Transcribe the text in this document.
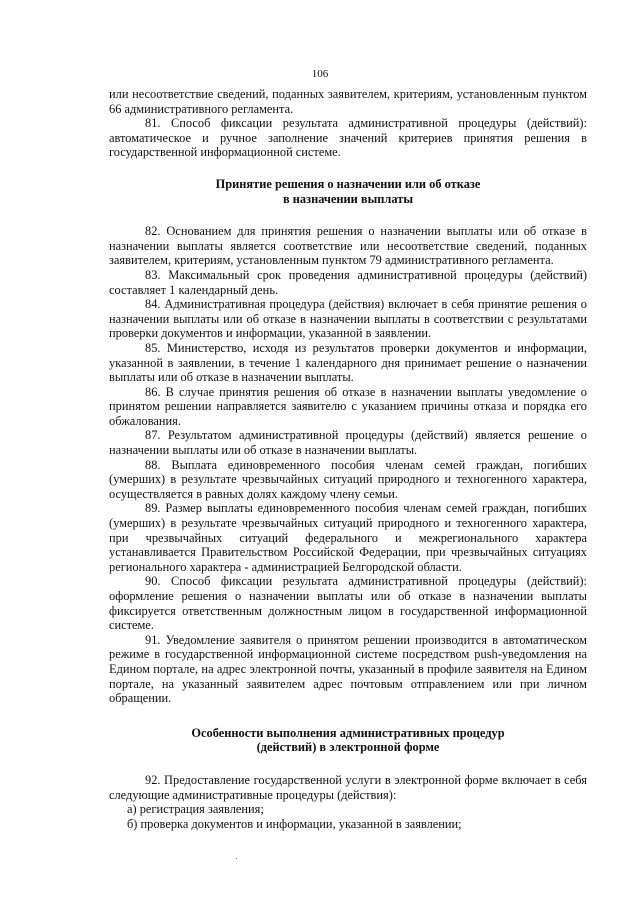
106

или несоответствие сведений, поданных заявителем, критериям, установленным пунктом 66 административного регламента.

81. Способ фиксации результата административной процедуры (действий): автоматическое и ручное заполнение значений критериев принятия решения в государственной информационной системе.

Принятие решения о назначении или об отказе
в назначении выплаты

82. Основанием для принятия решения о назначении выплаты или об отказе в назначении выплаты является соответствие или несоответствие сведений, поданных заявителем, критериям, установленным пунктом 79 административного регламента.

83. Максимальный срок проведения административной процедуры (действий) составляет 1 календарный день.

84. Административная процедура (действия) включает в себя принятие решения о назначении выплаты или об отказе в назначении выплаты в соответствии с результатами проверки документов и информации, указанной в заявлении.

85. Министерство, исходя из результатов проверки документов и информации, указанной в заявлении, в течение 1 календарного дня принимает решение о назначении выплаты или об отказе в назначении выплаты.

86. В случае принятия решения об отказе в назначении выплаты уведомление о принятом решении направляется заявителю с указанием причины отказа и порядка его обжалования.

87. Результатом административной процедуры (действий) является решение о назначении выплаты или об отказе в назначении выплаты.

88. Выплата единовременного пособия членам семей граждан, погибших (умерших) в результате чрезвычайных ситуаций природного и техногенного характера, осуществляется в равных долях каждому члену семьи.

89. Размер выплаты единовременного пособия членам семей граждан, погибших (умерших) в результате чрезвычайных ситуаций природного и техногенного характера, при чрезвычайных ситуаций федерального и межрегионального характера устанавливается Правительством Российской Федерации, при чрезвычайных ситуациях регионального характера - администрацией Белгородской области.

90. Способ фиксации результата административной процедуры (действий): оформление решения о назначении выплаты или об отказе в назначении выплаты фиксируется ответственным должностным лицом в государственной информационной системе.

91. Уведомление заявителя о принятом решении производится в автоматическом режиме в государственной информационной системе посредством push-уведомления на Едином портале, на адрес электронной почты, указанный в профиле заявителя на Едином портале, на указанный заявителем адрес почтовым отправлением или при личном обращении.

Особенности выполнения административных процедур
(действий) в электронной форме

92. Предоставление государственной услуги в электронной форме включает в себя следующие административные процедуры (действия):

а) регистрация заявления;

б) проверка документов и информации, указанной в заявлении;
